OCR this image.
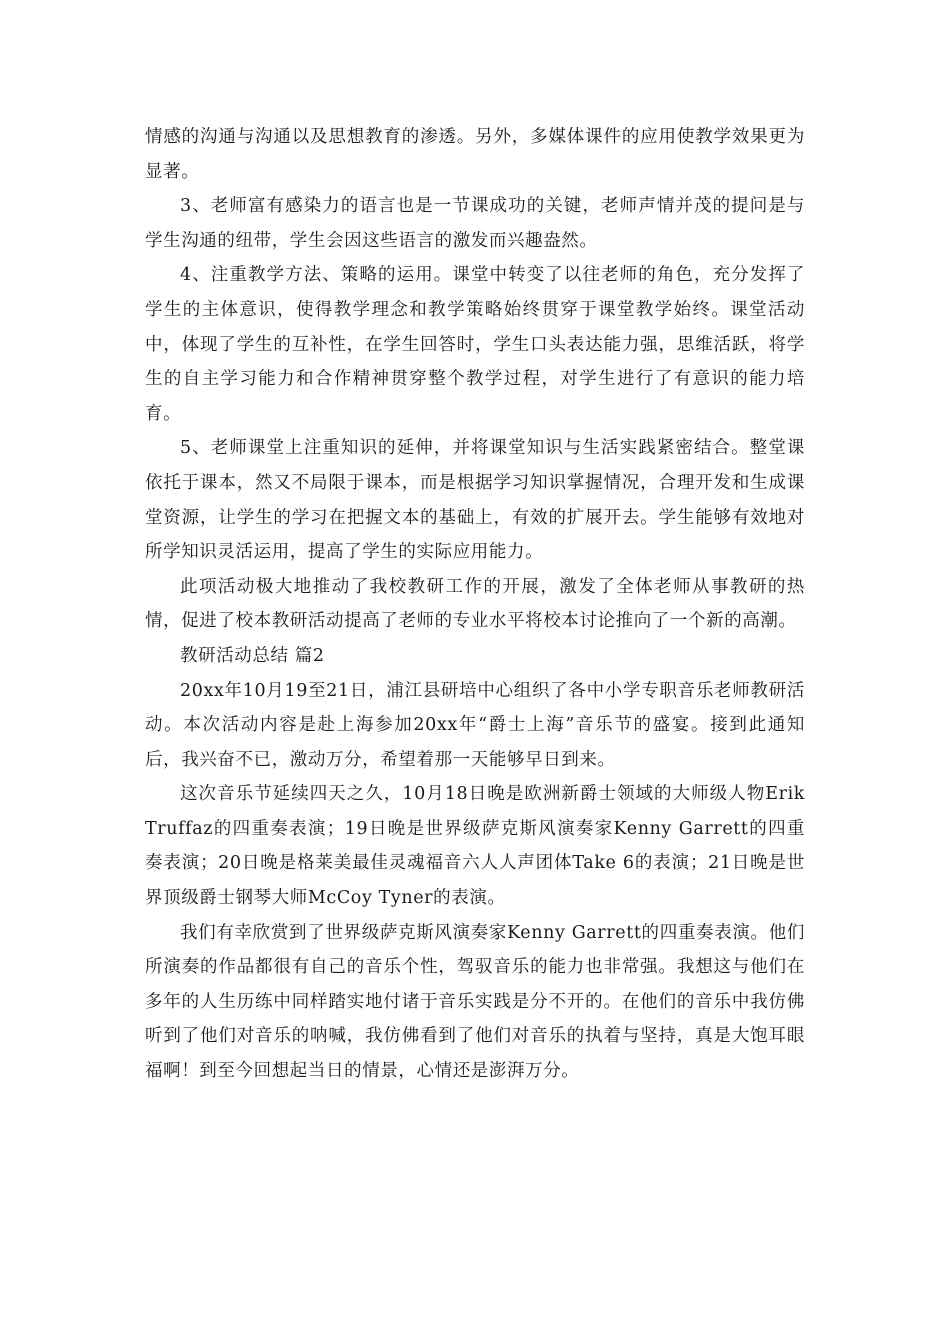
情感的沟通与沟通以及思想教育的渗透。另外，多媒体课件的应用使教学效果更为显著。

3、老师富有感染力的语言也是一节课成功的关键，老师声情并茂的提问是与学生沟通的纽带，学生会因这些语言的激发而兴趣盎然。

4、注重教学方法、策略的运用。课堂中转变了以往老师的角色，充分发挥了学生的主体意识，使得教学理念和教学策略始终贯穿于课堂教学始终。课堂活动中，体现了学生的互补性，在学生回答时，学生口头表达能力强，思维活跃，将学生的自主学习能力和合作精神贯穿整个教学过程，对学生进行了有意识的能力培育。

5、老师课堂上注重知识的延伸，并将课堂知识与生活实践紧密结合。整堂课依托于课本，然又不局限于课本，而是根据学习知识掌握情况，合理开发和生成课堂资源，让学生的学习在把握文本的基础上，有效的扩展开去。学生能够有效地对所学知识灵活运用，提高了学生的实际应用能力。

此项活动极大地推动了我校教研工作的开展，激发了全体老师从事教研的热情，促进了校本教研活动提高了老师的专业水平将校本讨论推向了一个新的高潮。

教研活动总结 篇2

20xx年10月19至21日，浦江县研培中心组织了各中小学专职音乐老师教研活动。本次活动内容是赴上海参加20xx年“爵士上海”音乐节的盛宴。接到此通知后，我兴奋不已，激动万分，希望着那一天能够早日到来。

这次音乐节延续四天之久，10月18日晚是欧洲新爵士领域的大师级人物Erik Truffaz的四重奏表演；19日晚是世界级萨克斯风演奏家Kenny Garrett的四重奏表演；20日晚是格莱美最佳灵魂福音六人人声团体Take 6的表演；21日晚是世界顶级爵士钢琴大师McCoy Tyner的表演。

我们有幸欣赏到了世界级萨克斯风演奏家Kenny Garrett的四重奏表演。他们所演奏的作品都很有自己的音乐个性，驾驭音乐的能力也非常强。我想这与他们在多年的人生历练中同样踏实地付诸于音乐实践是分不开的。在他们的音乐中我仿佛听到了他们对音乐的呐喊，我仿佛看到了他们对音乐的执着与坚持，真是大饱耳眼福啊！到至今回想起当日的情景，心情还是澎湃万分。
